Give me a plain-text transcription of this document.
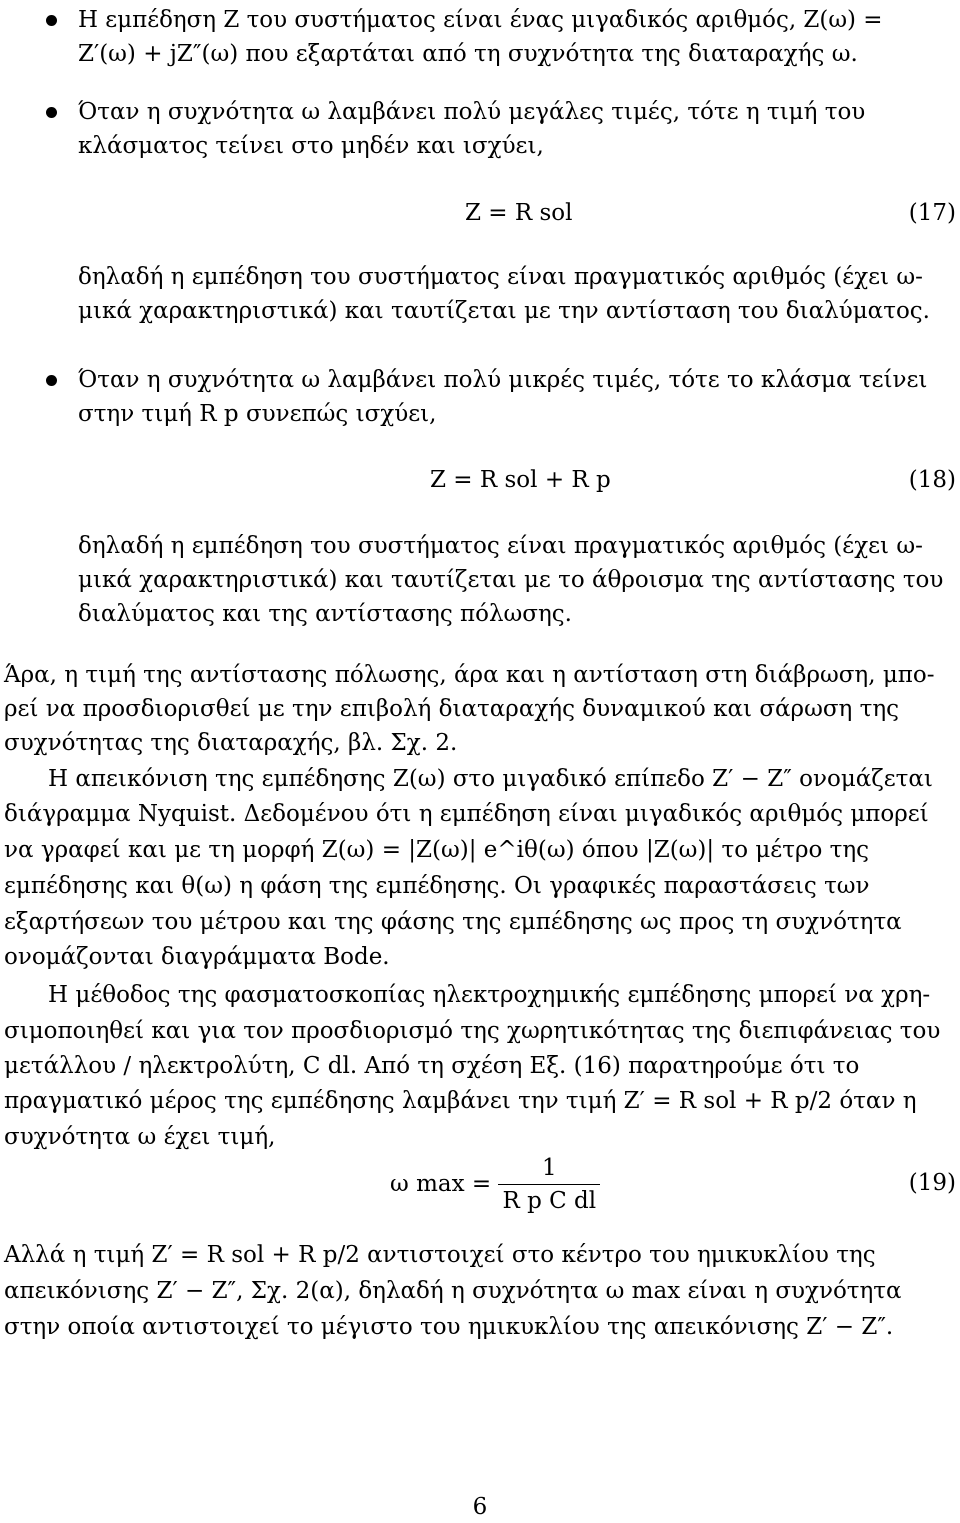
Η εμπέδηση Z του συστήματος είναι ένας μιγαδικός αριθμός, Z(ω) =
Z′(ω) + jZ″(ω) που εξαρτάται από τη συχνότητα της διαταραχής ω.
Όταν η συχνότητα ω λαμβάνει πολύ μεγάλες τιμές, τότε η τιμή του
κλάσματος τείνει στο μηδέν και ισχύει,
Z = R sol	(17)
δηλαδή η εμπέδηση του συστήματος είναι πραγματικός αριθμός (έχει ω-
μικά χαρακτηριστικά) και ταυτίζεται με την αντίσταση του διαλύματος.
Όταν η συχνότητα ω λαμβάνει πολύ μικρές τιμές, τότε το κλάσμα τείνει
στην τιμή R p συνεπώς ισχύει,
Z = R sol + R p	(18)
δηλαδή η εμπέδηση του συστήματος είναι πραγματικός αριθμός (έχει ω-
μικά χαρακτηριστικά) και ταυτίζεται με το άθροισμα της αντίστασης του
διαλύματος και της αντίστασης πόλωσης.
Άρα, η τιμή της αντίστασης πόλωσης, άρα και η αντίσταση στη διάβρωση, μπο-
ρεί να προσδιορισθεί με την επιβολή διαταραχής δυναμικού και σάρωση της
συχνότητας της διαταραχής, βλ. Σχ. 2.
Η απεικόνιση της εμπέδησης Z(ω) στο μιγαδικό επίπεδο Z′ − Z″ ονομάζεται
διάγραμμα Nyquist. Δεδομένου ότι η εμπέδηση είναι μιγαδικός αριθμός μπορεί
να γραφεί και με τη μορφή Z(ω) = |Z(ω)| e^iθ(ω) όπου |Z(ω)| το μέτρο της
εμπέδησης και θ(ω) η φάση της εμπέδησης. Οι γραφικές παραστάσεις των
εξαρτήσεων του μέτρου και της φάσης της εμπέδησης ως προς τη συχνότητα
ονομάζονται διαγράμματα Bode.
Η μέθοδος της φασματοσκοπίας ηλεκτροχημικής εμπέδησης μπορεί να χρη-
σιμοποιηθεί και για τον προσδιορισμό της χωρητικότητας της διεπιφάνειας του
μετάλλου / ηλεκτρολύτη, C dl. Από τη σχέση Εξ. (16) παρατηρούμε ότι το
πραγματικό μέρος της εμπέδησης λαμβάνει την τιμή Z′ = R sol + R p/2 όταν η
συχνότητα ω έχει τιμή,
ω $\max = \frac{1}{\text{R p C dl}}$	(19)
Αλλά η τιμή Z′ = R sol + R p/2 αντιστοιχεί στο κέντρο του ημικυκλίου της
απεικόνισης Z′ − Z″, Σχ. 2(α), δηλαδή η συχνότητα ω max είναι η συχνότητα
στην οποία αντιστοιχεί το μέγιστο του ημικυκλίου της απεικόνισης Z′ − Z″.
6
